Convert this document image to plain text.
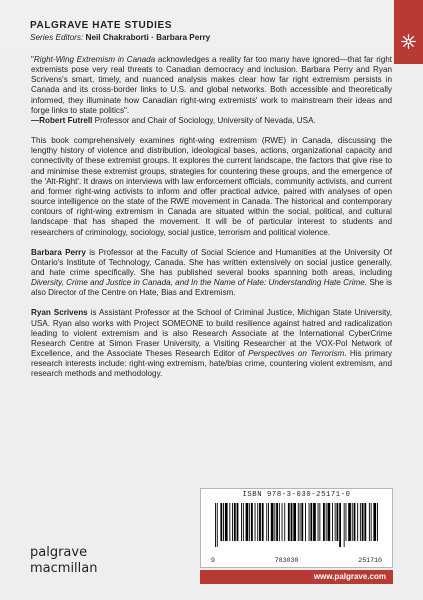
PALGRAVE HATE STUDIES
Series Editors: Neil Chakraborti · Barbara Perry

"Right-Wing Extremism in Canada acknowledges a reality far too many have ignored—that far right extremists pose very real threats to Canadian democracy and inclusion. Barbara Perry and Ryan Scrivens's smart, timely, and nuanced analysis makes clear how far right extremism persists in Canada and its cross-border links to U.S. and global networks. Both accessible and theoretically informed, they illuminate how Canadian right-wing extremists' work to mainstream their ideas and forge links to state politics".

—Robert Futrell Professor and Chair of Sociology, University of Nevada, USA.

This book comprehensively examines right-wing extremism (RWE) in Canada, discussing the lengthy history of violence and distribution, ideological bases, actions, organizational capacity and connectivity of these extremist groups. It explores the current landscape, the factors that give rise to and minimise these extremist groups, strategies for countering these groups, and the emergence of the 'Alt-Right'. It draws on interviews with law enforcement officials, community activists, and current and former right-wing activists to inform and offer practical advice, paired with analyses of open source intelligence on the state of the RWE movement in Canada. The historical and contemporary contours of right-wing extremism in Canada are situated within the social, political, and cultural landscape that has shaped the movement. It will be of particular interest to students and researchers of criminology, sociology, social justice, terrorism and political violence.

Barbara Perry is Professor at the Faculty of Social Science and Humanities at the University Of Ontario's Institute of Technology, Canada. She has written extensively on social justice generally, and hate crime specifically. She has published several books spanning both areas, including Diversity, Crime and Justice in Canada, and In the Name of Hate: Understanding Hate Crime. She is also Director of the Centre on Hate, Bias and Extremism.

Ryan Scrivens is Assistant Professor at the School of Criminal Justice, Michigan State University, USA. Ryan also works with Project SOMEONE to build resilience against hatred and radicalization leading to violent extremism and is also Research Associate at the International CyberCrime Research Centre at Simon Fraser University, a Visiting Researcher at the VOX-Pol Network of Excellence, and the Associate Theses Research Editor of Perspectives on Terrorism. His primary research interests include: right-wing extremism, hate/bias crime, countering violent extremism, and research methods and methodology.

ISBN 978-3-030-25171-0
9	783030	251710
palgrave
macmillan
www.palgrave.com
